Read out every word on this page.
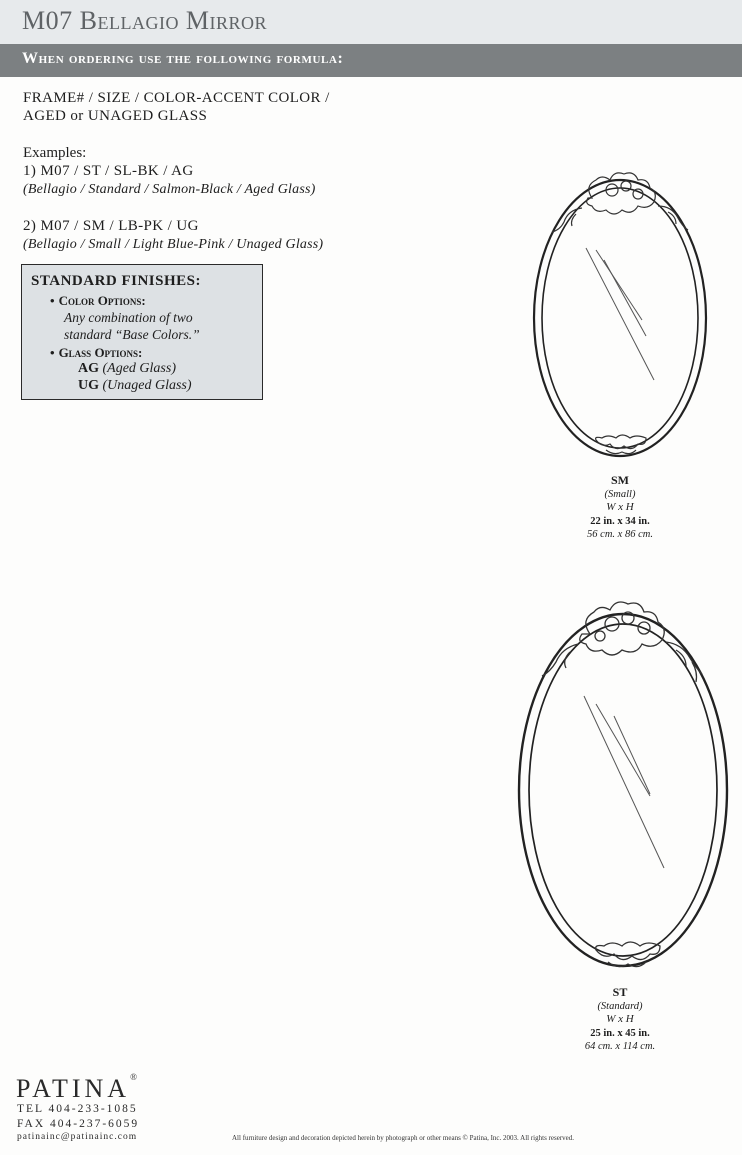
M07 Bellagio Mirror
When ordering use the following formula:
FRAME# / SIZE / COLOR-ACCENT COLOR /
AGED or UNAGED GLASS
Examples:
1) M07 / ST / SL-BK / AG
(Bellagio / Standard / Salmon-Black / Aged Glass)
2) M07 / SM / LB-PK / UG
(Bellagio / Small / Light Blue-Pink / Unaged Glass)
STANDARD FINISHES:
• Color Options:
Any combination of two
standard “Base Colors.”
• Glass Options:
AG (Aged Glass)
UG (Unaged Glass)
SM
(Small)
W x H
22 in. x 34 in.
56 cm. x 86 cm.
ST
(Standard)
W x H
25 in. x 45 in.
64 cm. x 114 cm.
PATINA®
TEL 404-233-1085
FAX 404-237-6059
patinainc@patinainc.com	All furniture design and decoration depicted herein by photograph or other means © Patina, Inc. 2003. All rights reserved.
